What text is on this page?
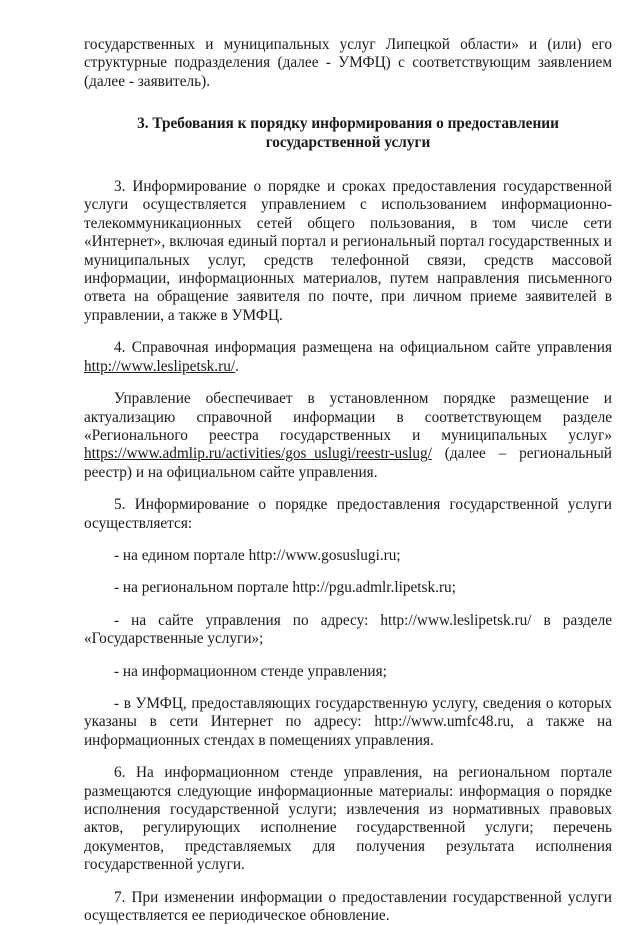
государственных и муниципальных услуг Липецкой области» и (или) его структурные подразделения (далее - УМФЦ) с соответствующим заявлением (далее - заявитель).

3. Требования к порядку информирования о предоставлении
государственной услуги

3. Информирование о порядке и сроках предоставления государственной услуги осуществляется управлением с использованием информационно-телекоммуникационных сетей общего пользования, в том числе сети «Интернет», включая единый портал и региональный портал государственных и муниципальных услуг, средств телефонной связи, средств массовой информации, информационных материалов, путем направления письменного ответа на обращение заявителя по почте, при личном приеме заявителей в управлении, а также в УМФЦ.

4. Справочная информация размещена на официальном сайте управления http://www.leslipetsk.ru/.

Управление обеспечивает в установленном порядке размещение и актуализацию справочной информации в соответствующем разделе «Регионального реестра государственных и муниципальных услуг» https://www.admlip.ru/activities/gos_uslugi/reestr-uslug/ (далее – региональный реестр) и на официальном сайте управления.

5. Информирование о порядке предоставления государственной услуги осуществляется:

- на едином портале http://www.gosuslugi.ru;

- на региональном портале http://pgu.admlr.lipetsk.ru;

- на сайте управления по адресу: http://www.leslipetsk.ru/ в разделе «Государственные услуги»;

- на информационном стенде управления;

- в УМФЦ, предоставляющих государственную услугу, сведения о которых указаны в сети Интернет по адресу: http://www.umfc48.ru, а также на информационных стендах в помещениях управления.

6. На информационном стенде управления, на региональном портале размещаются следующие информационные материалы: информация о порядке исполнения государственной услуги; извлечения из нормативных правовых актов, регулирующих исполнение государственной услуги; перечень документов, представляемых для получения результата исполнения государственной услуги.

7. При изменении информации о предоставлении государственной услуги осуществляется ее периодическое обновление.
